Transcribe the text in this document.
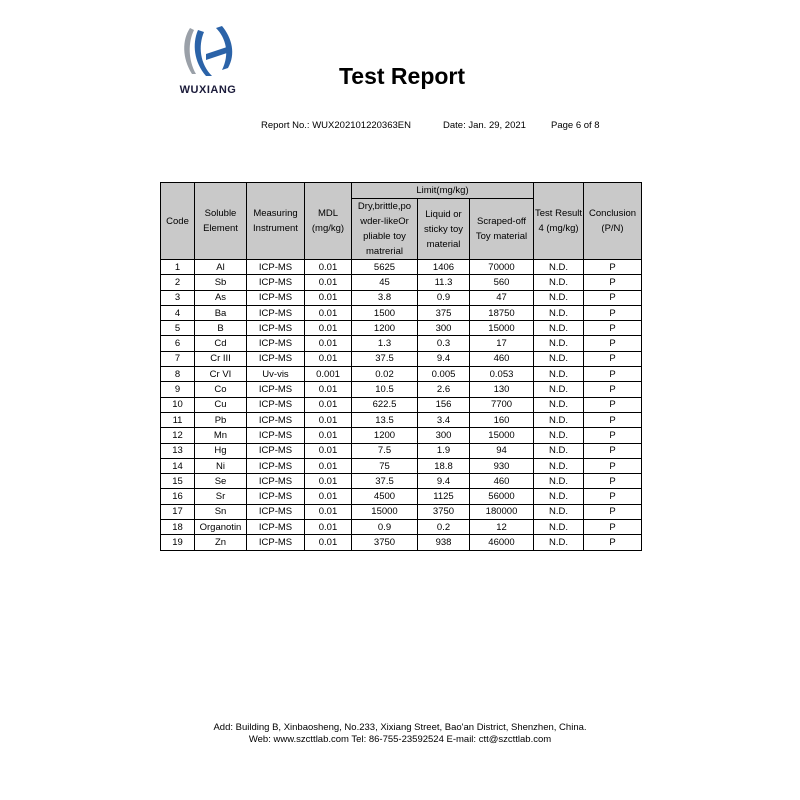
WUXIANG
Test Report
Report No.: WUX202101220363EN	Date: Jan. 29, 2021	Page 6 of 8
Code	Soluble Element	Measuring Instrument	MDL (mg/kg)	Limit(mg/kg)			Test Result 4 (mg/kg)	Conclusion (P/N)
				Dry,brittle,po wder-likeOr pliable toy matrerial	Liquid or sticky toy material	Scraped-off Toy material		
1	Al	ICP-MS	0.01	5625	1406	70000	N.D.	P
2	Sb	ICP-MS	0.01	45	11.3	560	N.D.	P
3	As	ICP-MS	0.01	3.8	0.9	47	N.D.	P
4	Ba	ICP-MS	0.01	1500	375	18750	N.D.	P
5	B	ICP-MS	0.01	1200	300	15000	N.D.	P
6	Cd	ICP-MS	0.01	1.3	0.3	17	N.D.	P
7	Cr III	ICP-MS	0.01	37.5	9.4	460	N.D.	P
8	Cr VI	Uv-vis	0.001	0.02	0.005	0.053	N.D.	P
9	Co	ICP-MS	0.01	10.5	2.6	130	N.D.	P
10	Cu	ICP-MS	0.01	622.5	156	7700	N.D.	P
11	Pb	ICP-MS	0.01	13.5	3.4	160	N.D.	P
12	Mn	ICP-MS	0.01	1200	300	15000	N.D.	P
13	Hg	ICP-MS	0.01	7.5	1.9	94	N.D.	P
14	Ni	ICP-MS	0.01	75	18.8	930	N.D.	P
15	Se	ICP-MS	0.01	37.5	9.4	460	N.D.	P
16	Sr	ICP-MS	0.01	4500	1125	56000	N.D.	P
17	Sn	ICP-MS	0.01	15000	3750	180000	N.D.	P
18	Organotin	ICP-MS	0.01	0.9	0.2	12	N.D.	P
19	Zn	ICP-MS	0.01	3750	938	46000	N.D.	P
Add: Building B, Xinbaosheng, No.233, Xixiang Street, Bao'an District, Shenzhen, China.
Web: www.szcttlab.com Tel: 86-755-23592524 E-mail: ctt@szcttlab.com
